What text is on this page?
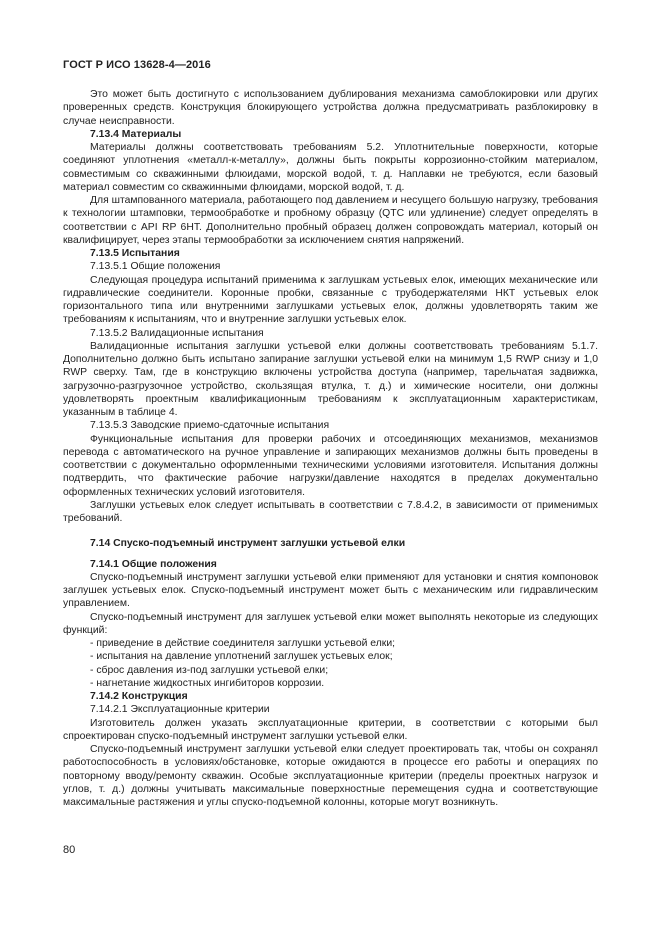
ГОСТ Р ИСО 13628-4—2016
Это может быть достигнуто с использованием дублирования механизма самоблокировки или других проверенных средств. Конструкция блокирующего устройства должна предусматривать разблокировку в случае неисправности.
7.13.4 Материалы
Материалы должны соответствовать требованиям 5.2. Уплотнительные поверхности, которые соединяют уплотнения «металл-к-металлу», должны быть покрыты коррозионно-стойким материалом, совместимым со скважинными флюидами, морской водой, т. д. Наплавки не требуются, если базовый материал совместим со скважинными флюидами, морской водой, т. д.
Для штампованного материала, работающего под давлением и несущего большую нагрузку, требования к технологии штамповки, термообработке и пробному образцу (QTC или удлинение) следует определять в соответствии с API RP 6HT. Дополнительно пробный образец должен сопровождать материал, который он квалифицирует, через этапы термообработки за исключением снятия напряжений.
7.13.5 Испытания
7.13.5.1 Общие положения
Следующая процедура испытаний применима к заглушкам устьевых елок, имеющих механические или гидравлические соединители. Коронные пробки, связанные с трубодержателями НКТ устьевых елок горизонтального типа или внутренними заглушками устьевых елок, должны удовлетворять таким же требованиям к испытаниям, что и внутренние заглушки устьевых елок.
7.13.5.2 Валидационные испытания
Валидационные испытания заглушки устьевой елки должны соответствовать требованиям 5.1.7. Дополнительно должно быть испытано запирание заглушки устьевой елки на минимум 1,5 RWP снизу и 1,0 RWP сверху. Там, где в конструкцию включены устройства доступа (например, тарельчатая задвижка, загрузочно-разгрузочное устройство, скользящая втулка, т. д.) и химические носители, они должны удовлетворять проектным квалификационным требованиям к эксплуатационным характеристикам, указанным в таблице 4.
7.13.5.3 Заводские приемо-сдаточные испытания
Функциональные испытания для проверки рабочих и отсоединяющих механизмов, механизмов перевода с автоматического на ручное управление и запирающих механизмов должны быть проведены в соответствии с документально оформленными техническими условиями изготовителя. Испытания должны подтвердить, что фактические рабочие нагрузки/давление находятся в пределах документально оформленных технических условий изготовителя.
Заглушки устьевых елок следует испытывать в соответствии с 7.8.4.2, в зависимости от применимых требований.
7.14 Спуско-подъемный инструмент заглушки устьевой елки
7.14.1 Общие положения
Спуско-подъемный инструмент заглушки устьевой елки применяют для установки и снятия компоновок заглушек устьевых елок. Спуско-подъемный инструмент может быть с механическим или гидравлическим управлением.
Спуско-подъемный инструмент для заглушек устьевой елки может выполнять некоторые из следующих функций:
- приведение в действие соединителя заглушки устьевой елки;
- испытания на давление уплотнений заглушек устьевых елок;
- сброс давления из-под заглушки устьевой елки;
- нагнетание жидкостных ингибиторов коррозии.
7.14.2 Конструкция
7.14.2.1 Эксплуатационные критерии
Изготовитель должен указать эксплуатационные критерии, в соответствии с которыми был спроектирован спуско-подъемный инструмент заглушки устьевой елки.
Спуско-подъемный инструмент заглушки устьевой елки следует проектировать так, чтобы он сохранял работоспособность в условиях/обстановке, которые ожидаются в процессе его работы и операциях по повторному вводу/ремонту скважин. Особые эксплуатационные критерии (пределы проектных нагрузок и углов, т. д.) должны учитывать максимальные поверхностные перемещения судна и соответствующие максимальные растяжения и углы спуско-подъемной колонны, которые могут возникнуть.
80
